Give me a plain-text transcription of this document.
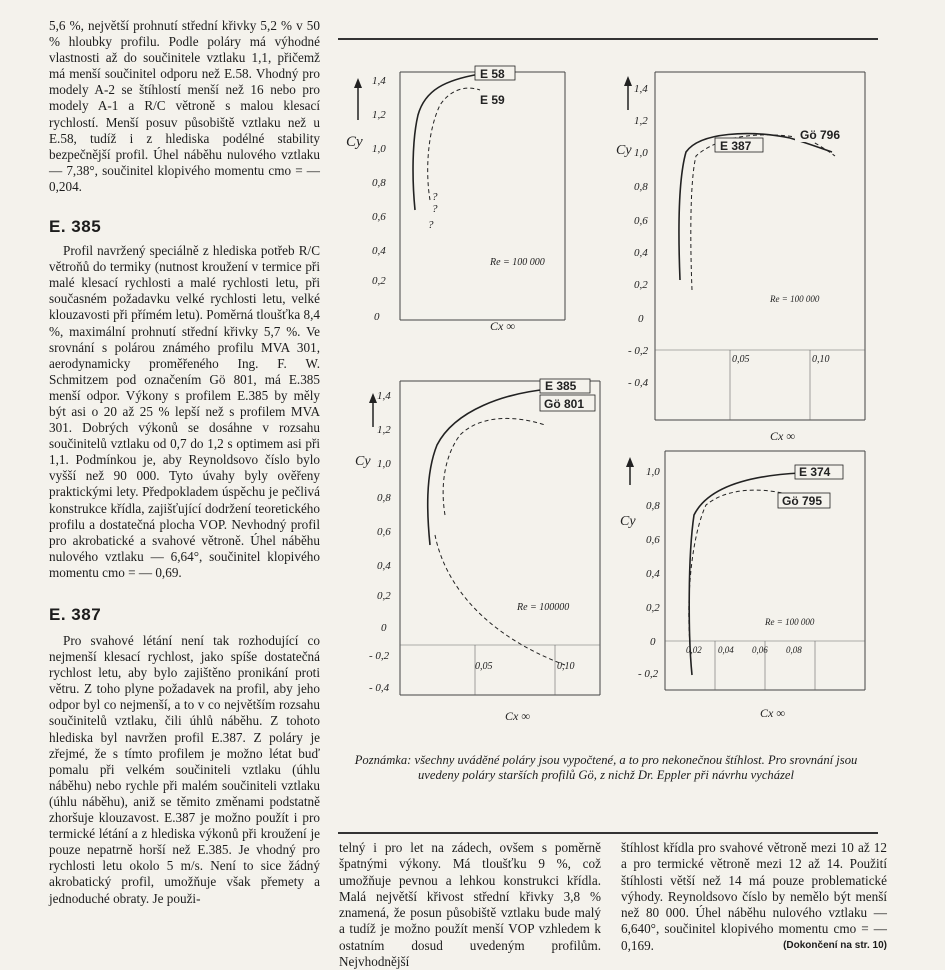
5,6 %, největší prohnutí střední křivky 5,2 % v 50 % hloubky profilu. Podle poláry má výhodné vlastnosti až do součinitele vztlaku 1,1, přičemž má menší součinitel odporu než E.58. Vhodný pro modely A-2 se štíhlostí menší než 16 nebo pro modely A-1 a R/C větroně s malou klesací rychlostí. Menší posuv působiště vztlaku než u E.58, tudíž i z hlediska podélné stability bezpečnější profil. Úhel náběhu nulového vztlaku — 7,38°, součinitel klopivého momentu cmo = — 0,204.

E. 385

Profil navržený speciálně z hlediska potřeb R/C větroňů do termiky (nutnost kroužení v termice při malé klesací rychlosti a malé rychlosti letu, při současném požadavku velké rychlosti letu, velké klouzavosti při přímém letu). Poměrná tloušťka 8,4 %, maximální prohnutí střední křivky 5,7 %. Ve srovnání s polárou známého profilu MVA 301, aerodynamicky proměřeného Ing. F. W. Schmitzem pod označením Gö 801, má E.385 menší odpor. Výkony s profilem E.385 by měly být asi o 20 až 25 % lepší než s profilem MVA 301. Dobrých výkonů se dosáhne v rozsahu součinitelů vztlaku od 0,7 do 1,2 s optimem asi při 1,1. Podmínkou je, aby Reynoldsovo číslo bylo vyšší než 90 000. Tyto úvahy byly ověřeny praktickými lety. Předpokladem úspěchu je pečlivá konstrukce křídla, zajišťující dodržení teoretického profilu a dostatečná plocha VOP. Nevhodný profil pro akrobatické a svahové větroně. Úhel náběhu nulového vztlaku — 6,64°, součinitel klopivého momentu cmo = — 0,69.

E. 387

Pro svahové létání není tak rozhodující co nejmenší klesací rychlost, jako spíše dostatečná rychlost letu, aby bylo zajištěno pronikání proti větru. Z toho plyne požadavek na profil, aby jeho odpor byl co nejmenší, a to v co největším rozsahu součinitelů vztlaku, čili úhlů náběhu. Z tohoto hlediska byl navržen profil E.387. Z poláry je zřejmé, že s tímto profilem je možno létat buď pomalu při velkém součiniteli vztlaku (úhlu náběhu) nebo rychle při malém součiniteli vztlaku (úhlu náběhu), aniž se těmito změnami podstatně zhoršuje klouzavost. E.387 je možno použít i pro termické létání a z hlediska výkonů při kroužení je pouze nepatrně horší než E.385. Je vhodný pro rychlosti letu okolo 5 m/s. Není to sice žádný akrobatický profil, umožňuje však přemety a jednoduché obraty. Je použi-

Cy
1,4
1,2
1,0
0,8
0,6
0,4
0,2
0
E 58
E 59
?
?
?
Re = 100 000
Cx ∞
Cy
1,4
1,2
1,0
0,8
0,6
0,4
0,2
0
- 0,2
- 0,4
Gö 796
E 387
Re = 100 000
0,05	0,10
Cx ∞
Cy
1,4
1,2
1,0
0,8
0,6
0,4
0,2
0
- 0,2
- 0,4
E 385
Gö 801
Re = 100000
0,05	0,10
Cx ∞
Cy
1,0
0,8
0,6
0,4
0,2
0
- 0,2
E 374
Gö 795
Re = 100 000
0,02 0,04 0,06 0,08
Cx ∞

Poznámka: všechny uváděné poláry jsou vypočtené, a to pro nekonečnou štíhlost. Pro srovnání jsou uvedeny poláry starších profilů Gö, z nichž Dr. Eppler při návrhu vycházel

telný i pro let na zádech, ovšem s poměrně špatnými výkony. Má tloušťku 9 %, což umožňuje pevnou a lehkou konstrukci křídla. Malá největší křivost střední křivky 3,8 % znamená, že posun působiště vztlaku bude malý a tudíž je možno použít menší VOP vzhledem k ostatním dosud uvedeným profilům. Nejvhodnější

štíhlost křídla pro svahové větroně mezi 10 až 12 a pro termické větroně mezi 12 až 14. Použití štíhlosti větší než 14 má pouze problematické výhody. Reynoldsovo číslo by nemělo být menší než 80 000. Úhel náběhu nulového vztlaku — 6,640°, součinitel klopivého momentu cmo = — 0,169.	(Dokončení na str. 10)
